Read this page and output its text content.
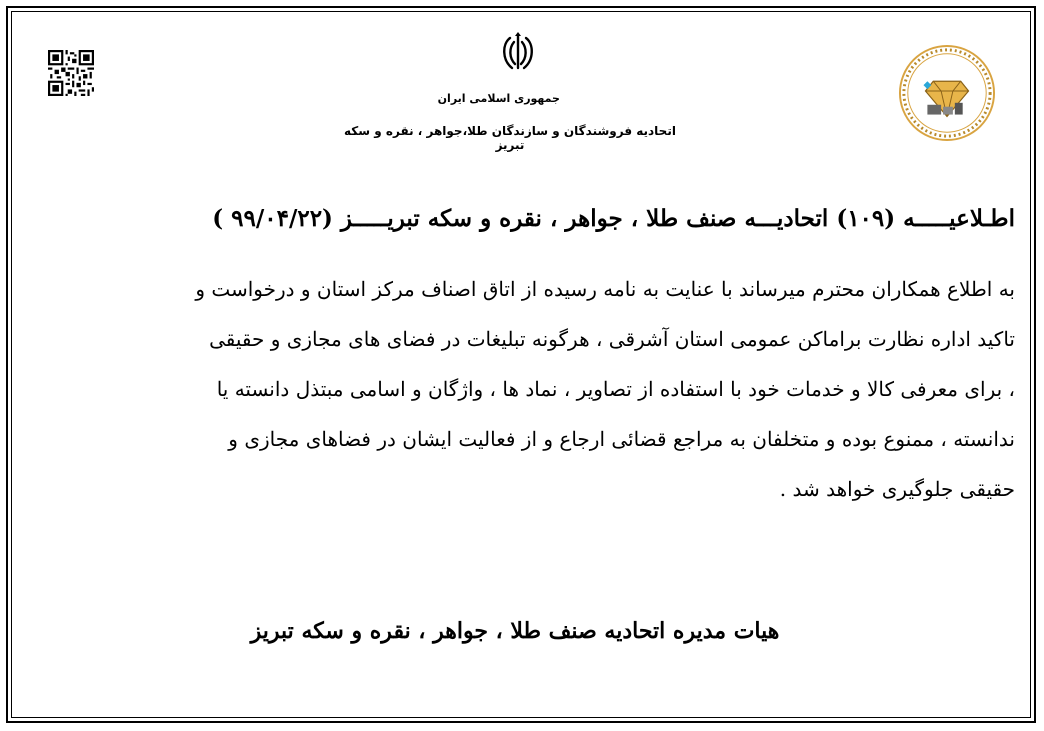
جمهوری اسلامی ایران
اتحادیه فروشندگان و سازندگان طلا،جواهر ، نقره و سکه تبریز
اطـلاعیـــــه (۱۰۹) اتحادیـــه صنف طلا ، جواهر ، نقره و سکه تبریـــــز (۹۹/۰۴/۲۲ )
به اطلاع همکاران محترم میرساند با عنایت به نامه رسیده از اتاق اصناف مرکز استان و درخواست و
تاکید اداره نظارت براماکن عمومی استان آشرقی ، هرگونه تبلیغات در فضای های مجازی و حقیقی
، برای معرفی کالا و خدمات خود با استفاده از تصاویر ، نماد ها ، واژگان و اسامی مبتذل دانسته یا
ندانسته ، ممنوع بوده و متخلفان به مراجع قضائی ارجاع و از فعالیت ایشان در فضاهای مجازی و
حقیقی جلوگیری خواهد شد .
هیات مدیره اتحادیه صنف طلا ، جواهر ، نقره و سکه تبریز
